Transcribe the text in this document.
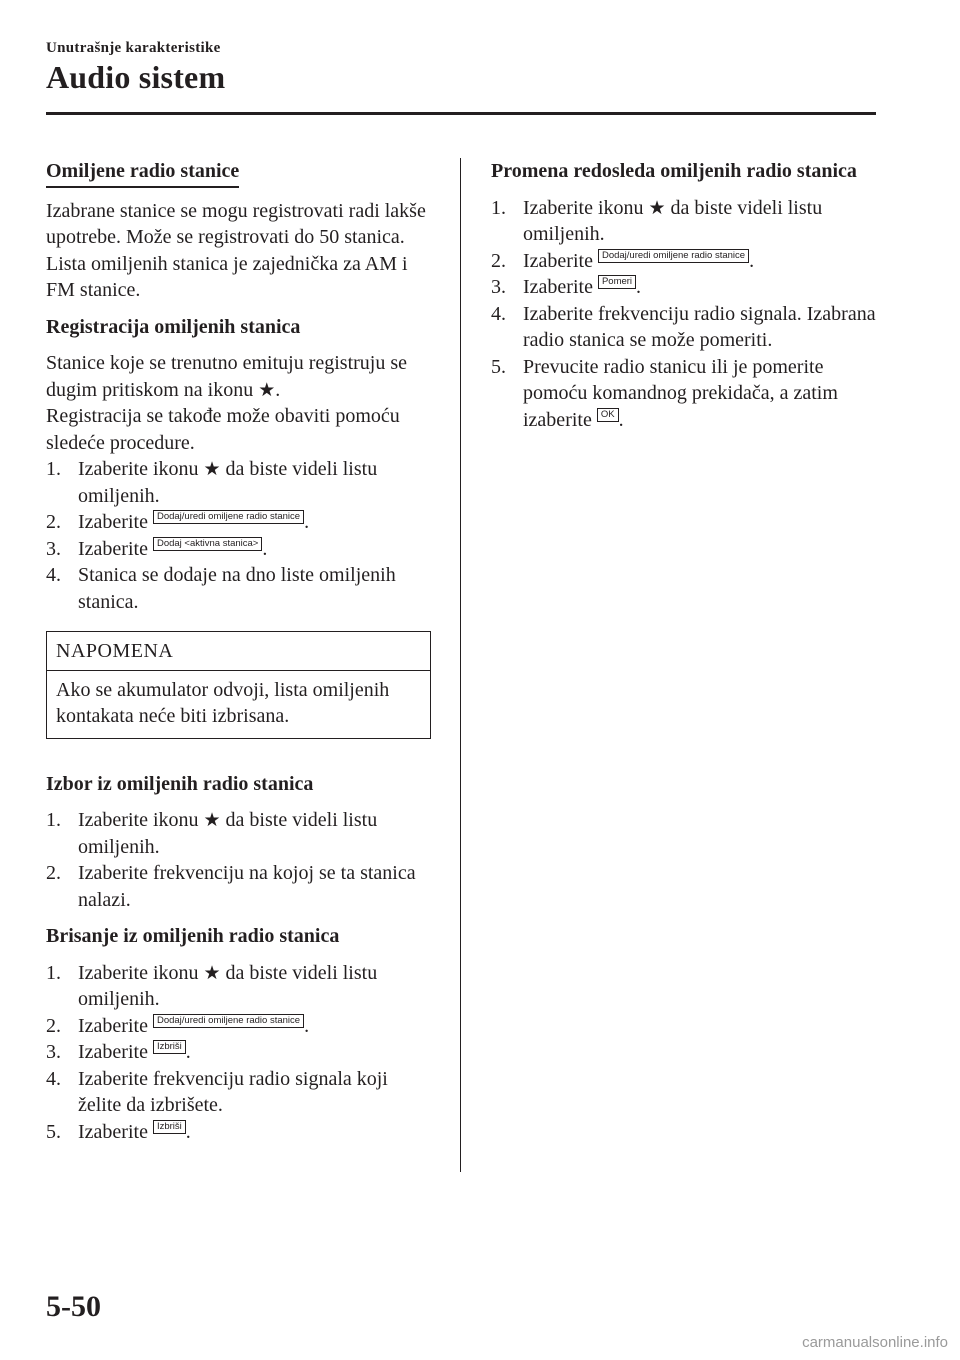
Unutrašnje karakteristike
Audio sistem
Omiljene radio stanice

Izabrane stanice se mogu registrovati radi lakše upotrebe. Može se registrovati do 50 stanica. Lista omiljenih stanica je zajednička za AM i FM stanice.

Registracija omiljenih stanica

Stanice koje se trenutno emituju registruju se dugim pritiskom na ikonu ★.

Registracija se takođe može obaviti pomoću sledeće procedure.

1. Izaberite ikonu ★ da biste videli listu omiljenih.
2. Izaberite Dodaj/uredi omiljene radio stanice .
3. Izaberite Dodaj <aktivna stanica> .
4. Stanica se dodaje na dno liste omiljenih stanica.
NAPOMENA
Ako se akumulator odvoji, lista omiljenih kontakata neće biti izbrisana.
Izbor iz omiljenih radio stanica
1. Izaberite ikonu ★ da biste videli listu omiljenih.
2. Izaberite frekvenciju na kojoj se ta stanica nalazi.
Brisanje iz omiljenih radio stanica
1. Izaberite ikonu ★ da biste videli listu omiljenih.
2. Izaberite Dodaj/uredi omiljene radio stanice .
3. Izaberite Izbriši .
4. Izaberite frekvenciju radio signala koji želite da izbrišete.
5. Izaberite Izbriši .
Promena redosleda omiljenih radio stanica
1. Izaberite ikonu ★ da biste videli listu omiljenih.
2. Izaberite Dodaj/uredi omiljene radio stanice .
3. Izaberite Pomeri .
4. Izaberite frekvenciju radio signala. Izabrana radio stanica se može pomeriti.
5. Prevucite radio stanicu ili je pomerite pomoću komandnog prekidača, a zatim izaberite OK .
5-50
carmanualsonline.info
